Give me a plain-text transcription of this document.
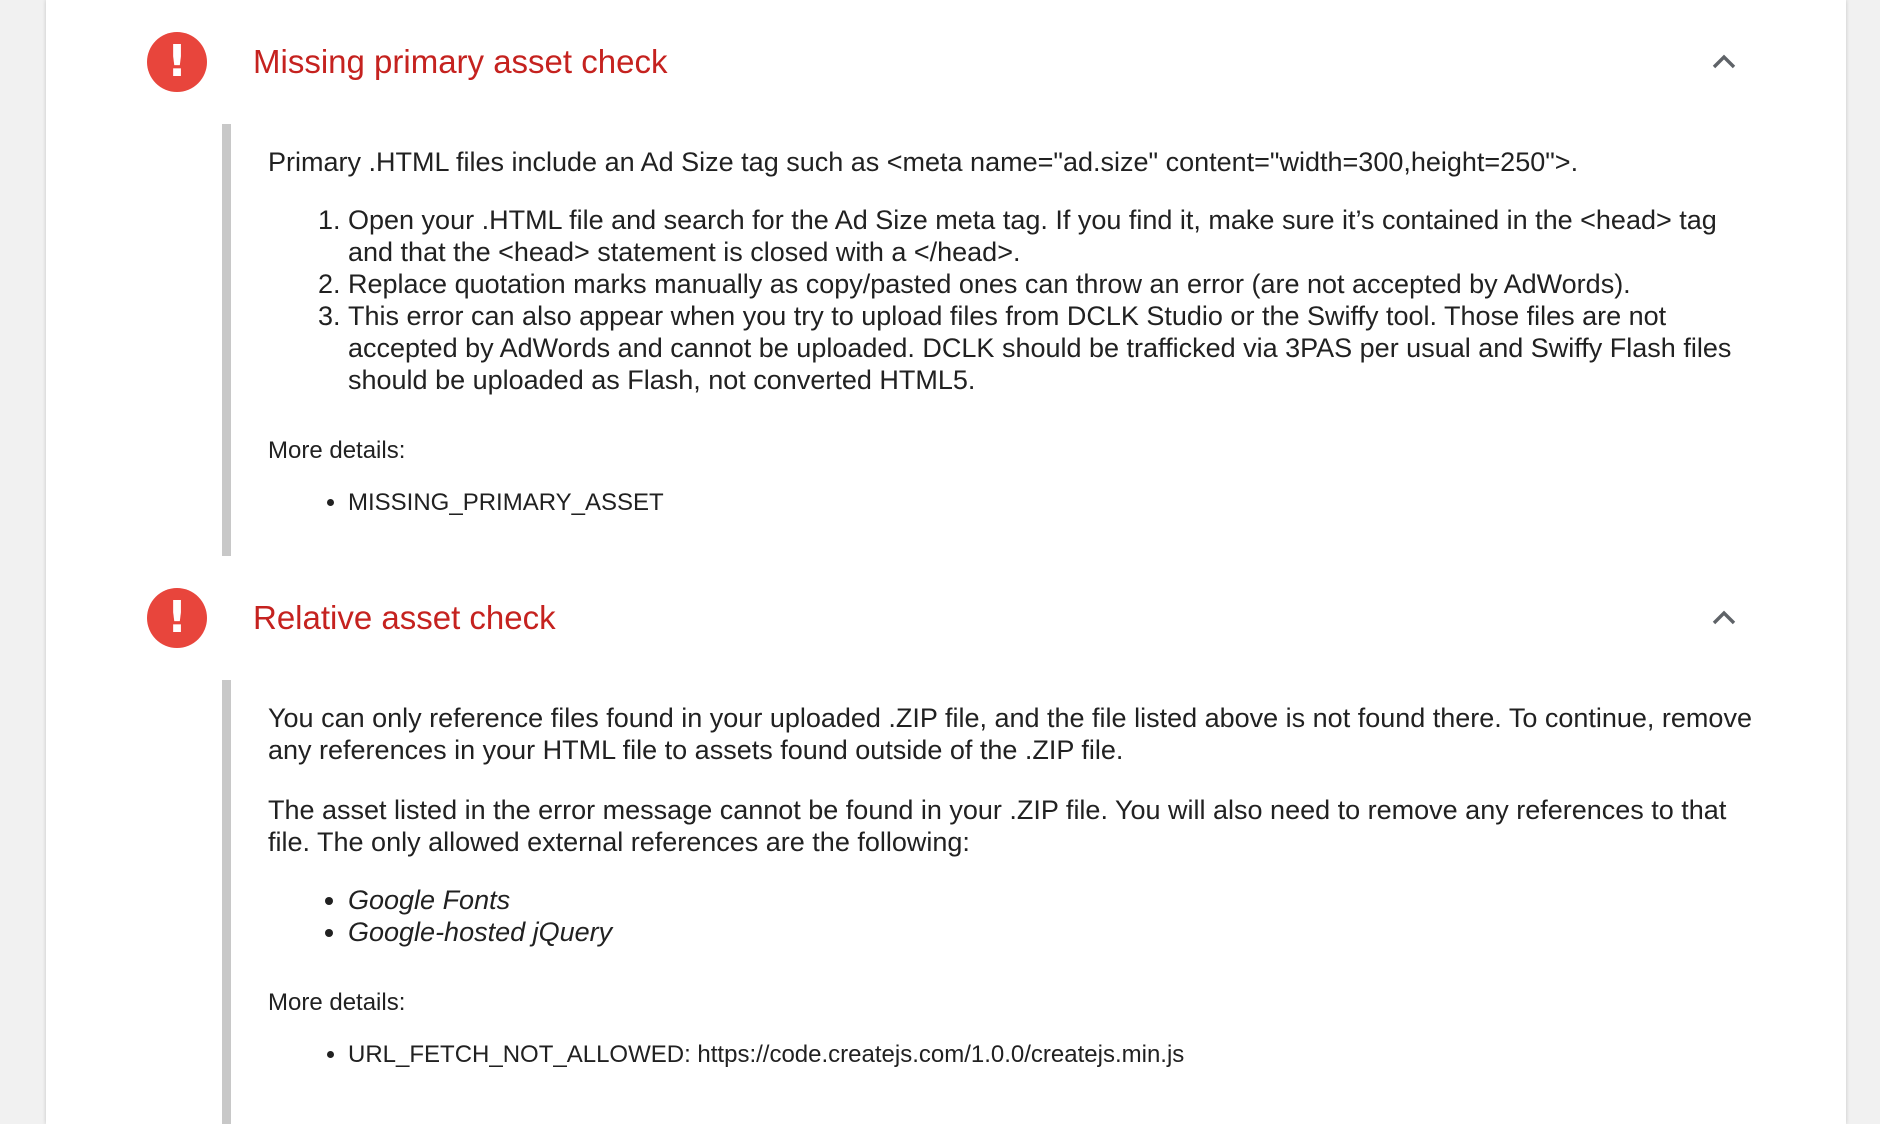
!	Missing primary asset check

Primary .HTML files include an Ad Size tag such as <meta name="ad.size" content="width=300,height=250">.

1. Open your .HTML file and search for the Ad Size meta tag. If you find it, make sure it’s contained in the <head> tag and that the <head> statement is closed with a </head>.
2. Replace quotation marks manually as copy/pasted ones can throw an error (are not accepted by AdWords).
3. This error can also appear when you try to upload files from DCLK Studio or the Swiffy tool. Those files are not accepted by AdWords and cannot be uploaded. DCLK should be trafficked via 3PAS per usual and Swiffy Flash files should be uploaded as Flash, not converted HTML5.

More details:

• MISSING_PRIMARY_ASSET
!	Relative asset check

You can only reference files found in your uploaded .ZIP file, and the file listed above is not found there. To continue, remove any references in your HTML file to assets found outside of the .ZIP file.

The asset listed in the error message cannot be found in your .ZIP file. You will also need to remove any references to that file. The only allowed external references are the following:

• Google Fonts
• Google-hosted jQuery

More details:

• URL_FETCH_NOT_ALLOWED: https://code.createjs.com/1.0.0/createjs.min.js
